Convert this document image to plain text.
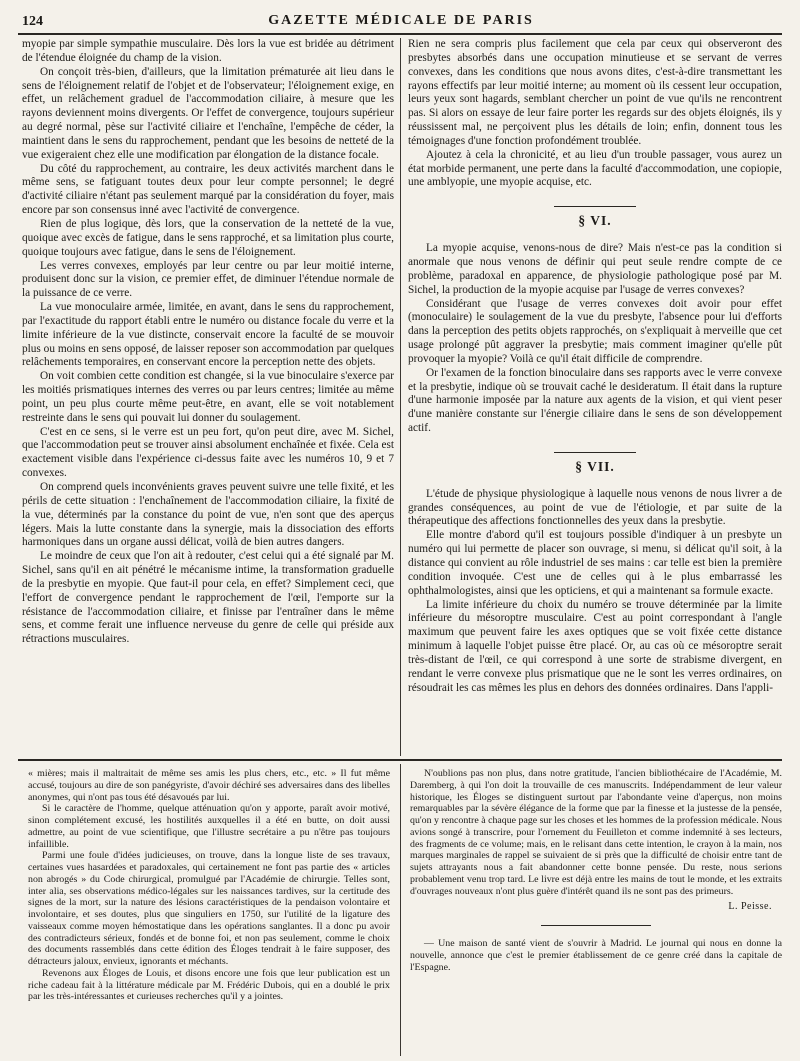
124	GAZETTE MÉDICALE DE PARIS

myopie par simple sympathie musculaire. Dès lors la vue est bridée au détriment de l'étendue éloignée du champ de la vision.

On conçoit très-bien, d'ailleurs, que la limitation prématurée ait lieu dans le sens de l'éloignement relatif de l'objet et de l'observateur; l'éloignement exige, en effet, un relâchement graduel de l'accommodation ciliaire, à mesure que les rayons deviennent moins divergents. Or l'effet de convergence, toujours supérieur au degré normal, pèse sur l'activité ciliaire et l'enchaîne, l'empêche de céder, la maintient dans le sens du rapprochement, pendant que les besoins de netteté de la vue exigeraient chez elle une modification par élongation de la distance focale.

Du côté du rapprochement, au contraire, les deux activités marchent dans le même sens, se fatiguant toutes deux pour leur compte personnel; le degré d'activité ciliaire n'étant pas seulement marqué par la considération du foyer, mais encore par son consensus inné avec l'activité de convergence.

Rien de plus logique, dès lors, que la conservation de la netteté de la vue, quoique avec excès de fatigue, dans le sens rapproché, et sa limitation plus courte, quoique toujours avec fatigue, dans le sens de l'éloignement.

Les verres convexes, employés par leur centre ou par leur moitié interne, produisent donc sur la vision, ce premier effet, de diminuer l'étendue normale de la puissance de ce verre.

La vue monoculaire armée, limitée, en avant, dans le sens du rapprochement, par l'exactitude du rapport établi entre le numéro ou distance focale du verre et la limite inférieure de la vue distincte, conservait encore la faculté de se mouvoir plus ou moins en sens opposé, de laisser reposer son accommodation par quelques relâchements temporaires, en conservant encore la perception nette des objets.

On voit combien cette condition est changée, si la vue binoculaire s'exerce par les moitiés prismatiques internes des verres ou par leurs centres; limitée au même point, un peu plus courte même peut-être, en avant, elle se voit notablement restreinte dans le sens qui pouvait lui donner du soulagement.

C'est en ce sens, si le verre est un peu fort, qu'on peut dire, avec M. Sichel, que l'accommodation peut se trouver ainsi absolument enchaînée et fixée. Cela est exactement visible dans l'expérience ci-dessus faite avec les numéros 10, 9 et 7 convexes.

On comprend quels inconvénients graves peuvent suivre une telle fixité, et les périls de cette situation : l'enchaînement de l'accommodation ciliaire, la fixité de la vue, déterminés par la constance du point de vue, n'en sont que des aperçus légers. Mais la lutte constante dans la synergie, mais la dissociation des efforts harmoniques dans un organe aussi délicat, voilà de bien autres dangers.

Le moindre de ceux que l'on ait à redouter, c'est celui qui a été signalé par M. Sichel, sans qu'il en ait pénétré le mécanisme intime, la transformation graduelle de la presbytie en myopie. Que faut-il pour cela, en effet? Simplement ceci, que l'effort de convergence pendant le rapprochement de l'œil, l'emporte sur la résistance de l'accommodation ciliaire, et finisse par l'entraîner dans le même sens, et comme ferait une influence nerveuse du genre de celle qui préside aux rétractions musculaires.

Rien ne sera compris plus facilement que cela par ceux qui observeront des presbytes absorbés dans une occupation minutieuse et se servant de verres convexes, dans les conditions que nous avons dites, c'est-à-dire transmettant les rayons effectifs par leur moitié interne; au moment où ils cessent leur occupation, leurs yeux sont hagards, semblant chercher un point de vue qu'ils ne rencontrent pas. Si alors on essaye de leur faire porter les regards sur des objets éloignés, ils y réussissent mal, ne perçoivent plus les détails de loin; enfin, donnent tous les témoignages d'une fonction profondément troublée.

Ajoutez à cela la chronicité, et au lieu d'un trouble passager, vous aurez un état morbide permanent, une perte dans la faculté d'accommodation, une copiopie, une amblyopie, une myopie acquise, etc.

§ VI.

La myopie acquise, venons-nous de dire? Mais n'est-ce pas la condition si anormale que nous venons de définir qui peut seule rendre compte de ce problème, paradoxal en apparence, de physiologie pathologique posé par M. Sichel, la production de la myopie acquise par l'usage de verres convexes?

Considérant que l'usage de verres convexes doit avoir pour effet (monoculaire) le soulagement de la vue du presbyte, l'absence pour lui d'efforts dans la perception des petits objets rapprochés, on s'expliquait à merveille que cet usage prolongé pût aggraver la presbytie; mais comment imaginer qu'elle pût provoquer la myopie? Voilà ce qu'il était difficile de comprendre.

Or l'examen de la fonction binoculaire dans ses rapports avec le verre convexe et la presbytie, indique où se trouvait caché le desideratum. Il était dans la rupture d'une harmonie imposée par la nature aux agents de la vision, et qui vient peser d'une manière constante sur l'énergie ciliaire dans le sens de son développement actif.

§ VII.

L'étude de physique physiologique à laquelle nous venons de nous livrer a de grandes conséquences, au point de vue de l'étiologie, et par suite de la thérapeutique des affections fonctionnelles des yeux dans la presbytie.

Elle montre d'abord qu'il est toujours possible d'indiquer à un presbyte un numéro qui lui permette de placer son ouvrage, si menu, si délicat qu'il soit, à la distance qui convient au rôle industriel de ses mains : car telle est bien la première condition invoquée. C'est une de celles qui à le plus embarrassé les ophthalmologistes, ainsi que les opticiens, et qui a maintenant sa formule exacte.

La limite inférieure du choix du numéro se trouve déterminée par la limite inférieure du mésoroptre musculaire. C'est au point correspondant à l'angle maximum que peuvent faire les axes optiques que se voit fixée cette distance minimum à laquelle l'objet puisse être placé. Or, au cas où ce mésoroptre serait très-distant de l'œil, ce qui correspond à une sorte de strabisme divergent, en rendant le verre convexe plus prismatique que ne le sont les verres ordinaires, on résoudrait les cas mêmes les plus en dehors des données ordinaires. Dans l'appli-

« mières; mais il maltraitait de même ses amis les plus chers, etc., etc. » Il fut même accusé, toujours au dire de son panégyriste, d'avoir déchiré ses adversaires dans des libelles anonymes, qui n'ont pas tous été désavoués par lui.

Si le caractère de l'homme, quelque atténuation qu'on y apporte, paraît avoir motivé, sinon complétement excusé, les hostilités auxquelles il a été en butte, on doit aussi admettre, au point de vue scientifique, que l'illustre secrétaire a pu n'être pas toujours infaillible.

Parmi une foule d'idées judicieuses, on trouve, dans la longue liste de ses travaux, certaines vues hasardées et paradoxales, qui certainement ne font pas partie des « articles non abrogés » du Code chirurgical, promulgué par l'Académie de chirurgie. Telles sont, inter alia, ses observations médico-légales sur les naissances tardives, sur la certitude des signes de la mort, sur la nature des lésions caractéristiques de la pendaison volontaire et involontaire, et ses doutes, plus que singuliers en 1750, sur l'utilité de la ligature des vaisseaux comme moyen hémostatique dans les opérations sanglantes. Il a donc pu avoir des contradicteurs sérieux, fondés et de bonne foi, et non pas seulement, comme le choix des documents rassemblés dans cette édition des Éloges tendrait à le faire supposer, des détracteurs jaloux, envieux, ignorants et méchants.

Revenons aux Éloges de Louis, et disons encore une fois que leur publication est un riche cadeau fait à la littérature médicale par M. Frédéric Dubois, qui en a doublé le prix par les très-intéressantes et curieuses recherches qu'il y a jointes.

N'oublions pas non plus, dans notre gratitude, l'ancien bibliothécaire de l'Académie, M. Daremberg, à qui l'on doit la trouvaille de ces manuscrits. Indépendamment de leur valeur historique, les Éloges se distinguent surtout par l'abondante veine d'aperçus, non moins remarquables par la sévère élégance de la forme que par la finesse et la justesse de la pensée, qu'on y rencontre à chaque page sur les choses et les hommes de la profession médicale. Nous avions songé à transcrire, pour l'ornement du Feuilleton et comme indemnité à ses lecteurs, des fragments de ce volume; mais, en le relisant dans cette intention, le crayon à la main, nos marques marginales de rappel se suivaient de si près que la difficulté de choisir entre tant de sujets attrayants nous a fait abandonner cette bonne pensée. Du reste, nous serions probablement venu trop tard. Le livre est déjà entre les mains de tout le monde, et les extraits d'ouvrages nouveaux n'ont plus guère d'intérêt quand ils ne sont pas des primeurs.

L. Peisse.

— Une maison de santé vient de s'ouvrir à Madrid. Le journal qui nous en donne la nouvelle, annonce que c'est le premier établissement de ce genre créé dans la capitale de l'Espagne.
